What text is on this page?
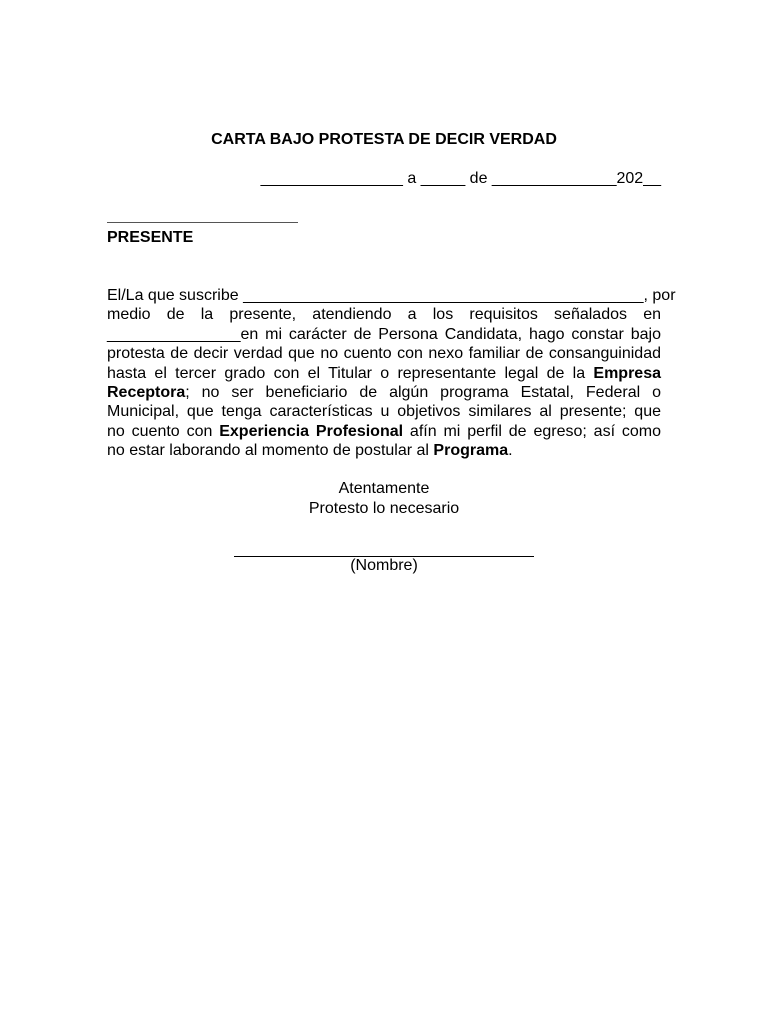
CARTA BAJO PROTESTA DE DECIR VERDAD
________________ a _____ de ______________202__
PRESENTE
El/La que suscribe _____________________________________________, por
medio de la presente, atendiendo a los requisitos señalados en
_______________en mi carácter de Persona Candidata, hago constar bajo
protesta de decir verdad que no cuento con nexo familiar de consanguinidad
hasta el tercer grado con el Titular o representante legal de la Empresa
Receptora; no ser beneficiario de algún programa Estatal, Federal o
Municipal, que tenga características u objetivos similares al presente; que
no cuento con Experiencia Profesional afín mi perfil de egreso; así como
no estar laborando al momento de postular al Programa.
Atentamente
Protesto lo necesario
(Nombre)
